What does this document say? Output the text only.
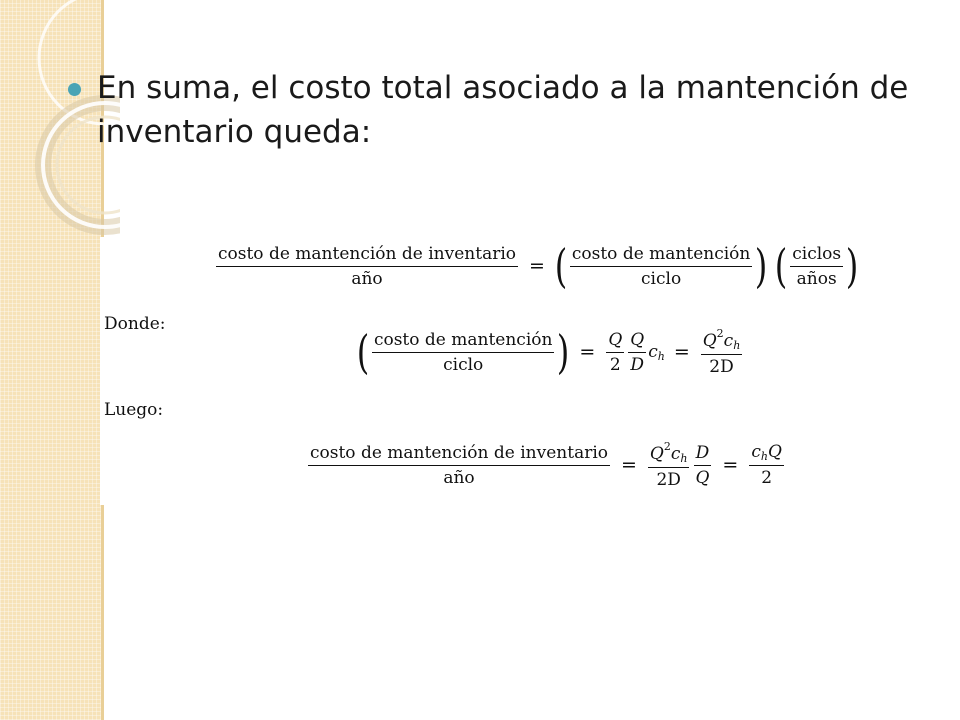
En suma, el costo total asociado a la mantención de inventario queda:
$\frac{\text{costo de mantención de inventario}}{\text{año}}$ = ( $\frac{\text{costo de mantención}}{\text{ciclo}}$ ) ( $\frac{\text{ciclos}}{\text{años}}$ )
Donde:
( $\frac{\text{costo de mantención}}{\text{ciclo}}$ ) = $\frac{Q}{2} \frac{Q}{D} c_h = \frac{Q^2c_h}{2D}$
Luego:
$\frac{\text{costo de mantención de inventario}}{\text{año}} = \frac{Q^2c_h}{2D} \frac{D}{Q} = \frac{c_hQ}{2}$
